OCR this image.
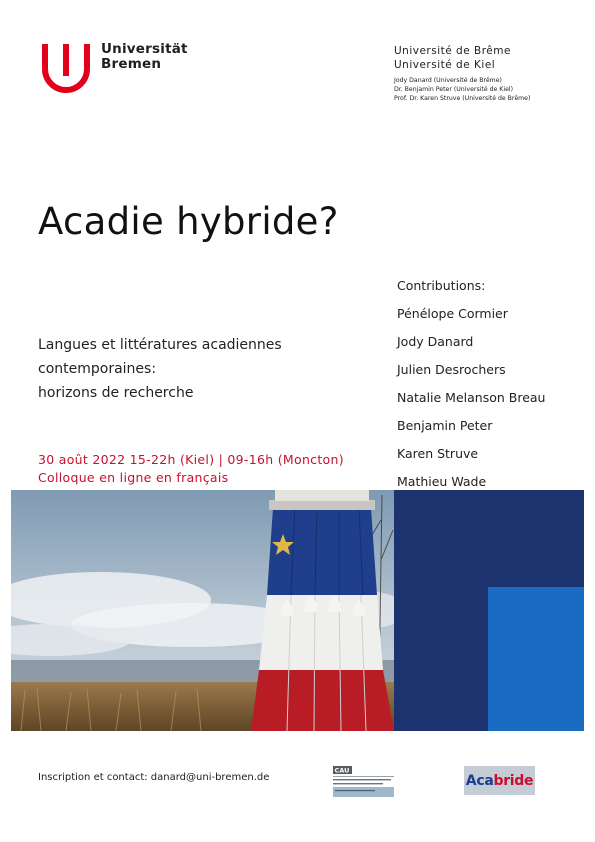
Universität
Bremen
Université de Brême
Université de Kiel
Jody Danard (Université de Brême)
Dr. Benjamin Peter (Université de Kiel)
Prof. Dr. Karen Struve (Université de Brême)
Acadie hybride?
Langues et littératures acadiennes
contemporaines:
horizons de recherche
30 août 2022 15-22h (Kiel) | 09-16h (Moncton)
Colloque en ligne en français
Contributions:
Pénélope Cormier
Jody Danard
Julien Desrochers
Natalie Melanson Breau
Benjamin Peter
Karen Struve
Mathieu Wade
Inscription et contact: danard@uni-bremen.de
CAU
Acabride
